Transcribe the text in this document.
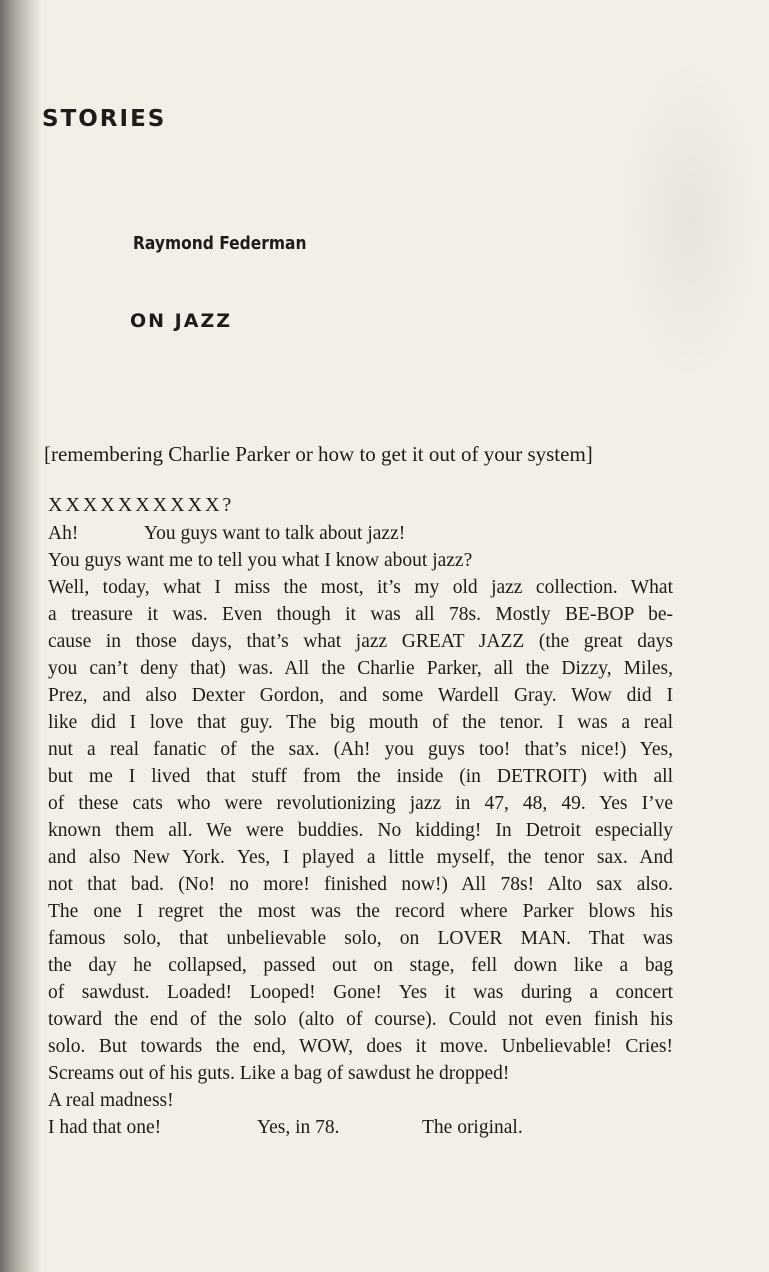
STORIES
Raymond Federman
ON JAZZ

[remembering Charlie Parker or how to get it out of your system]

XXXXXXXXXX?
Ah!	You guys want to talk about jazz!
You guys want me to tell you what I know about jazz?
Well, today, what I miss the most, it’s my old jazz collection. What
a treasure it was. Even though it was all 78s. Mostly BE-BOP be-
cause in those days, that’s what jazz GREAT JAZZ (the great days
you can’t deny that) was. All the Charlie Parker, all the Dizzy, Miles,
Prez, and also Dexter Gordon, and some Wardell Gray. Wow did I
like did I love that guy. The big mouth of the tenor. I was a real
nut a real fanatic of the sax. (Ah! you guys too! that’s nice!) Yes,
but me I lived that stuff from the inside (in DETROIT) with all
of these cats who were revolutionizing jazz in 47, 48, 49. Yes I’ve
known them all. We were buddies. No kidding! In Detroit especially
and also New York. Yes, I played a little myself, the tenor sax. And
not that bad. (No! no more! finished now!) All 78s! Alto sax also.
The one I regret the most was the record where Parker blows his
famous solo, that unbelievable solo, on LOVER MAN. That was
the day he collapsed, passed out on stage, fell down like a bag
of sawdust. Loaded! Looped! Gone! Yes it was during a concert
toward the end of the solo (alto of course). Could not even finish his
solo. But towards the end, WOW, does it move. Unbelievable! Cries!
Screams out of his guts. Like a bag of sawdust he dropped!
A real madness!
I had that one!	Yes, in 78.	The original.
